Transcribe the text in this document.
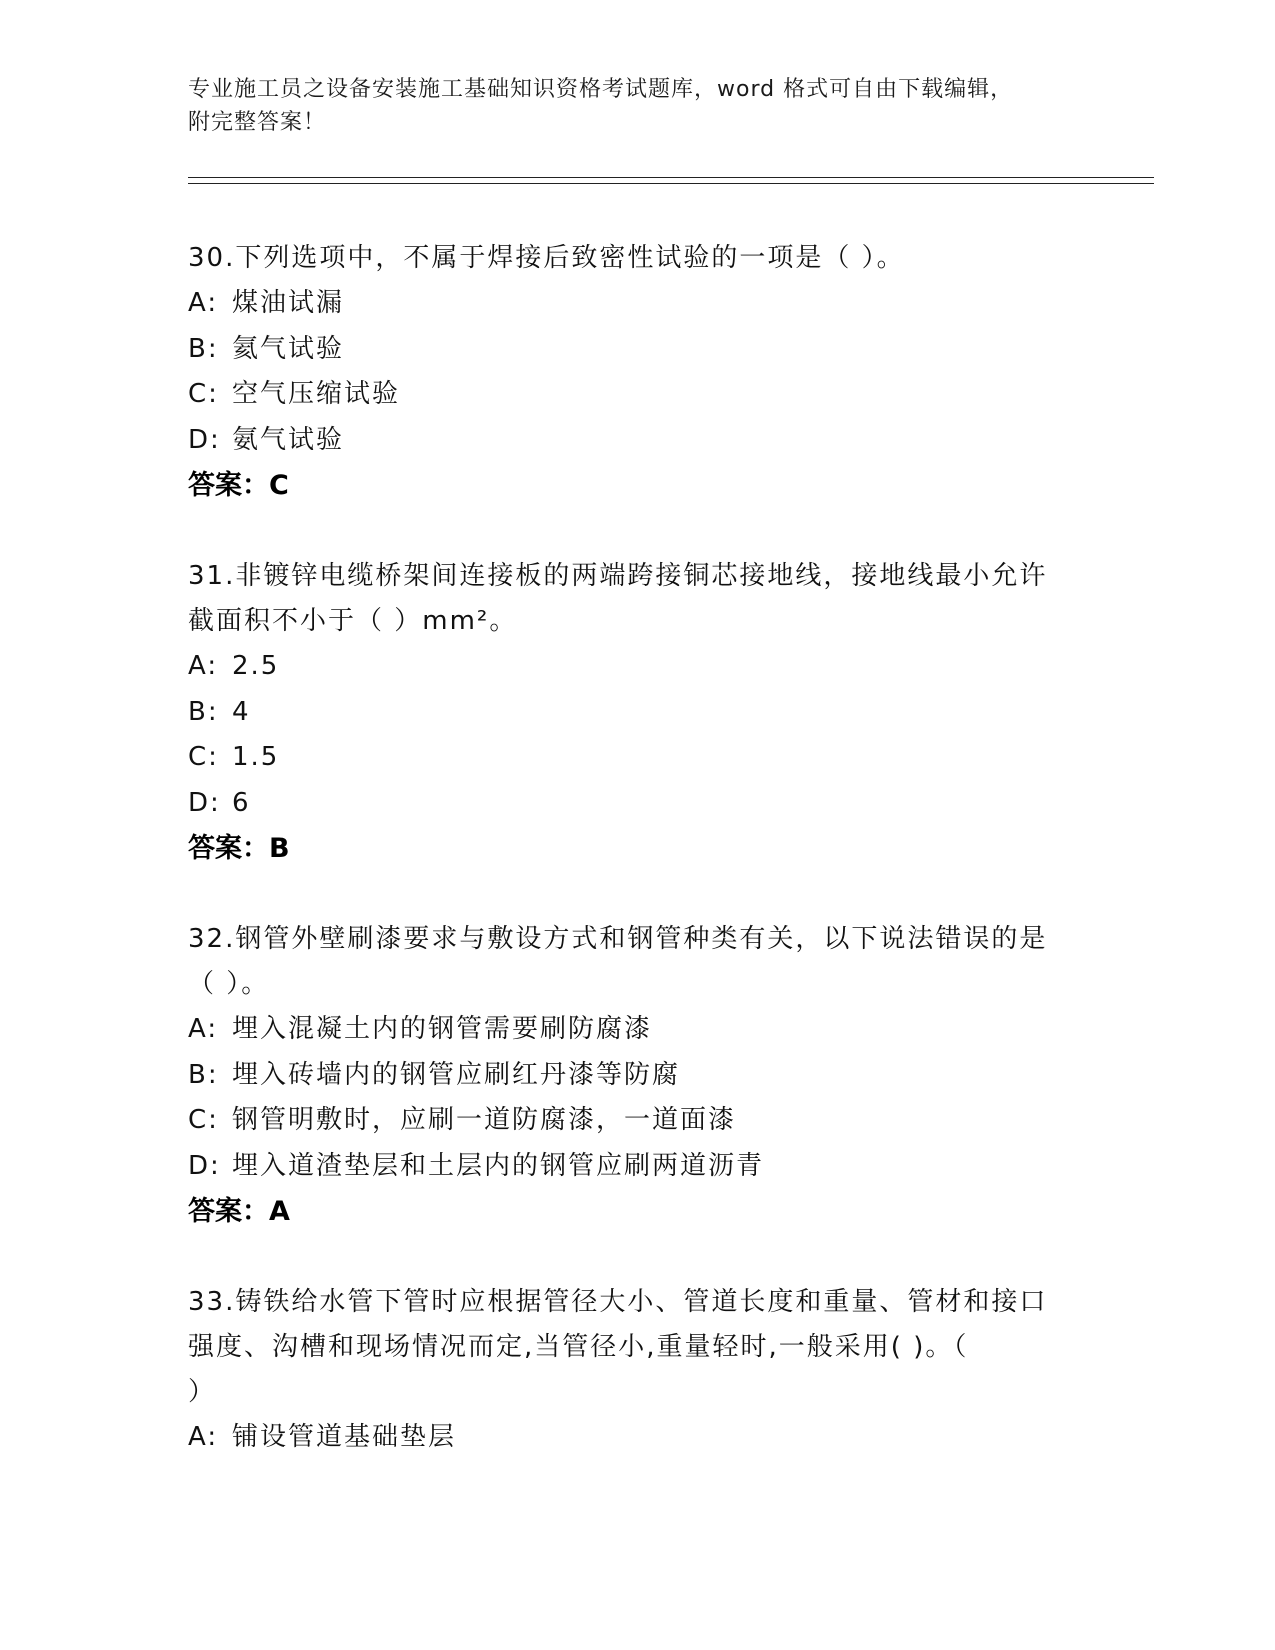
专业施工员之设备安装施工基础知识资格考试题库，word 格式可自由下载编辑，
附完整答案！
30.下列选项中，不属于焊接后致密性试验的一项是（ ）。
A: 煤油试漏
B: 氦气试验
C: 空气压缩试验
D: 氨气试验
答案：C
31.非镀锌电缆桥架间连接板的两端跨接铜芯接地线，接地线最小允许
截面积不小于（ ）mm²。
A: 2.5
B: 4
C: 1.5
D: 6
答案：B
32.钢管外壁刷漆要求与敷设方式和钢管种类有关，以下说法错误的是
（ ）。
A: 埋入混凝土内的钢管需要刷防腐漆
B: 埋入砖墙内的钢管应刷红丹漆等防腐
C: 钢管明敷时，应刷一道防腐漆，一道面漆
D: 埋入道渣垫层和土层内的钢管应刷两道沥青
答案：A
33.铸铁给水管下管时应根据管径大小、管道长度和重量、管材和接口
强度、沟槽和现场情况而定,当管径小,重量轻时,一般采用( )。（
）
A: 铺设管道基础垫层
